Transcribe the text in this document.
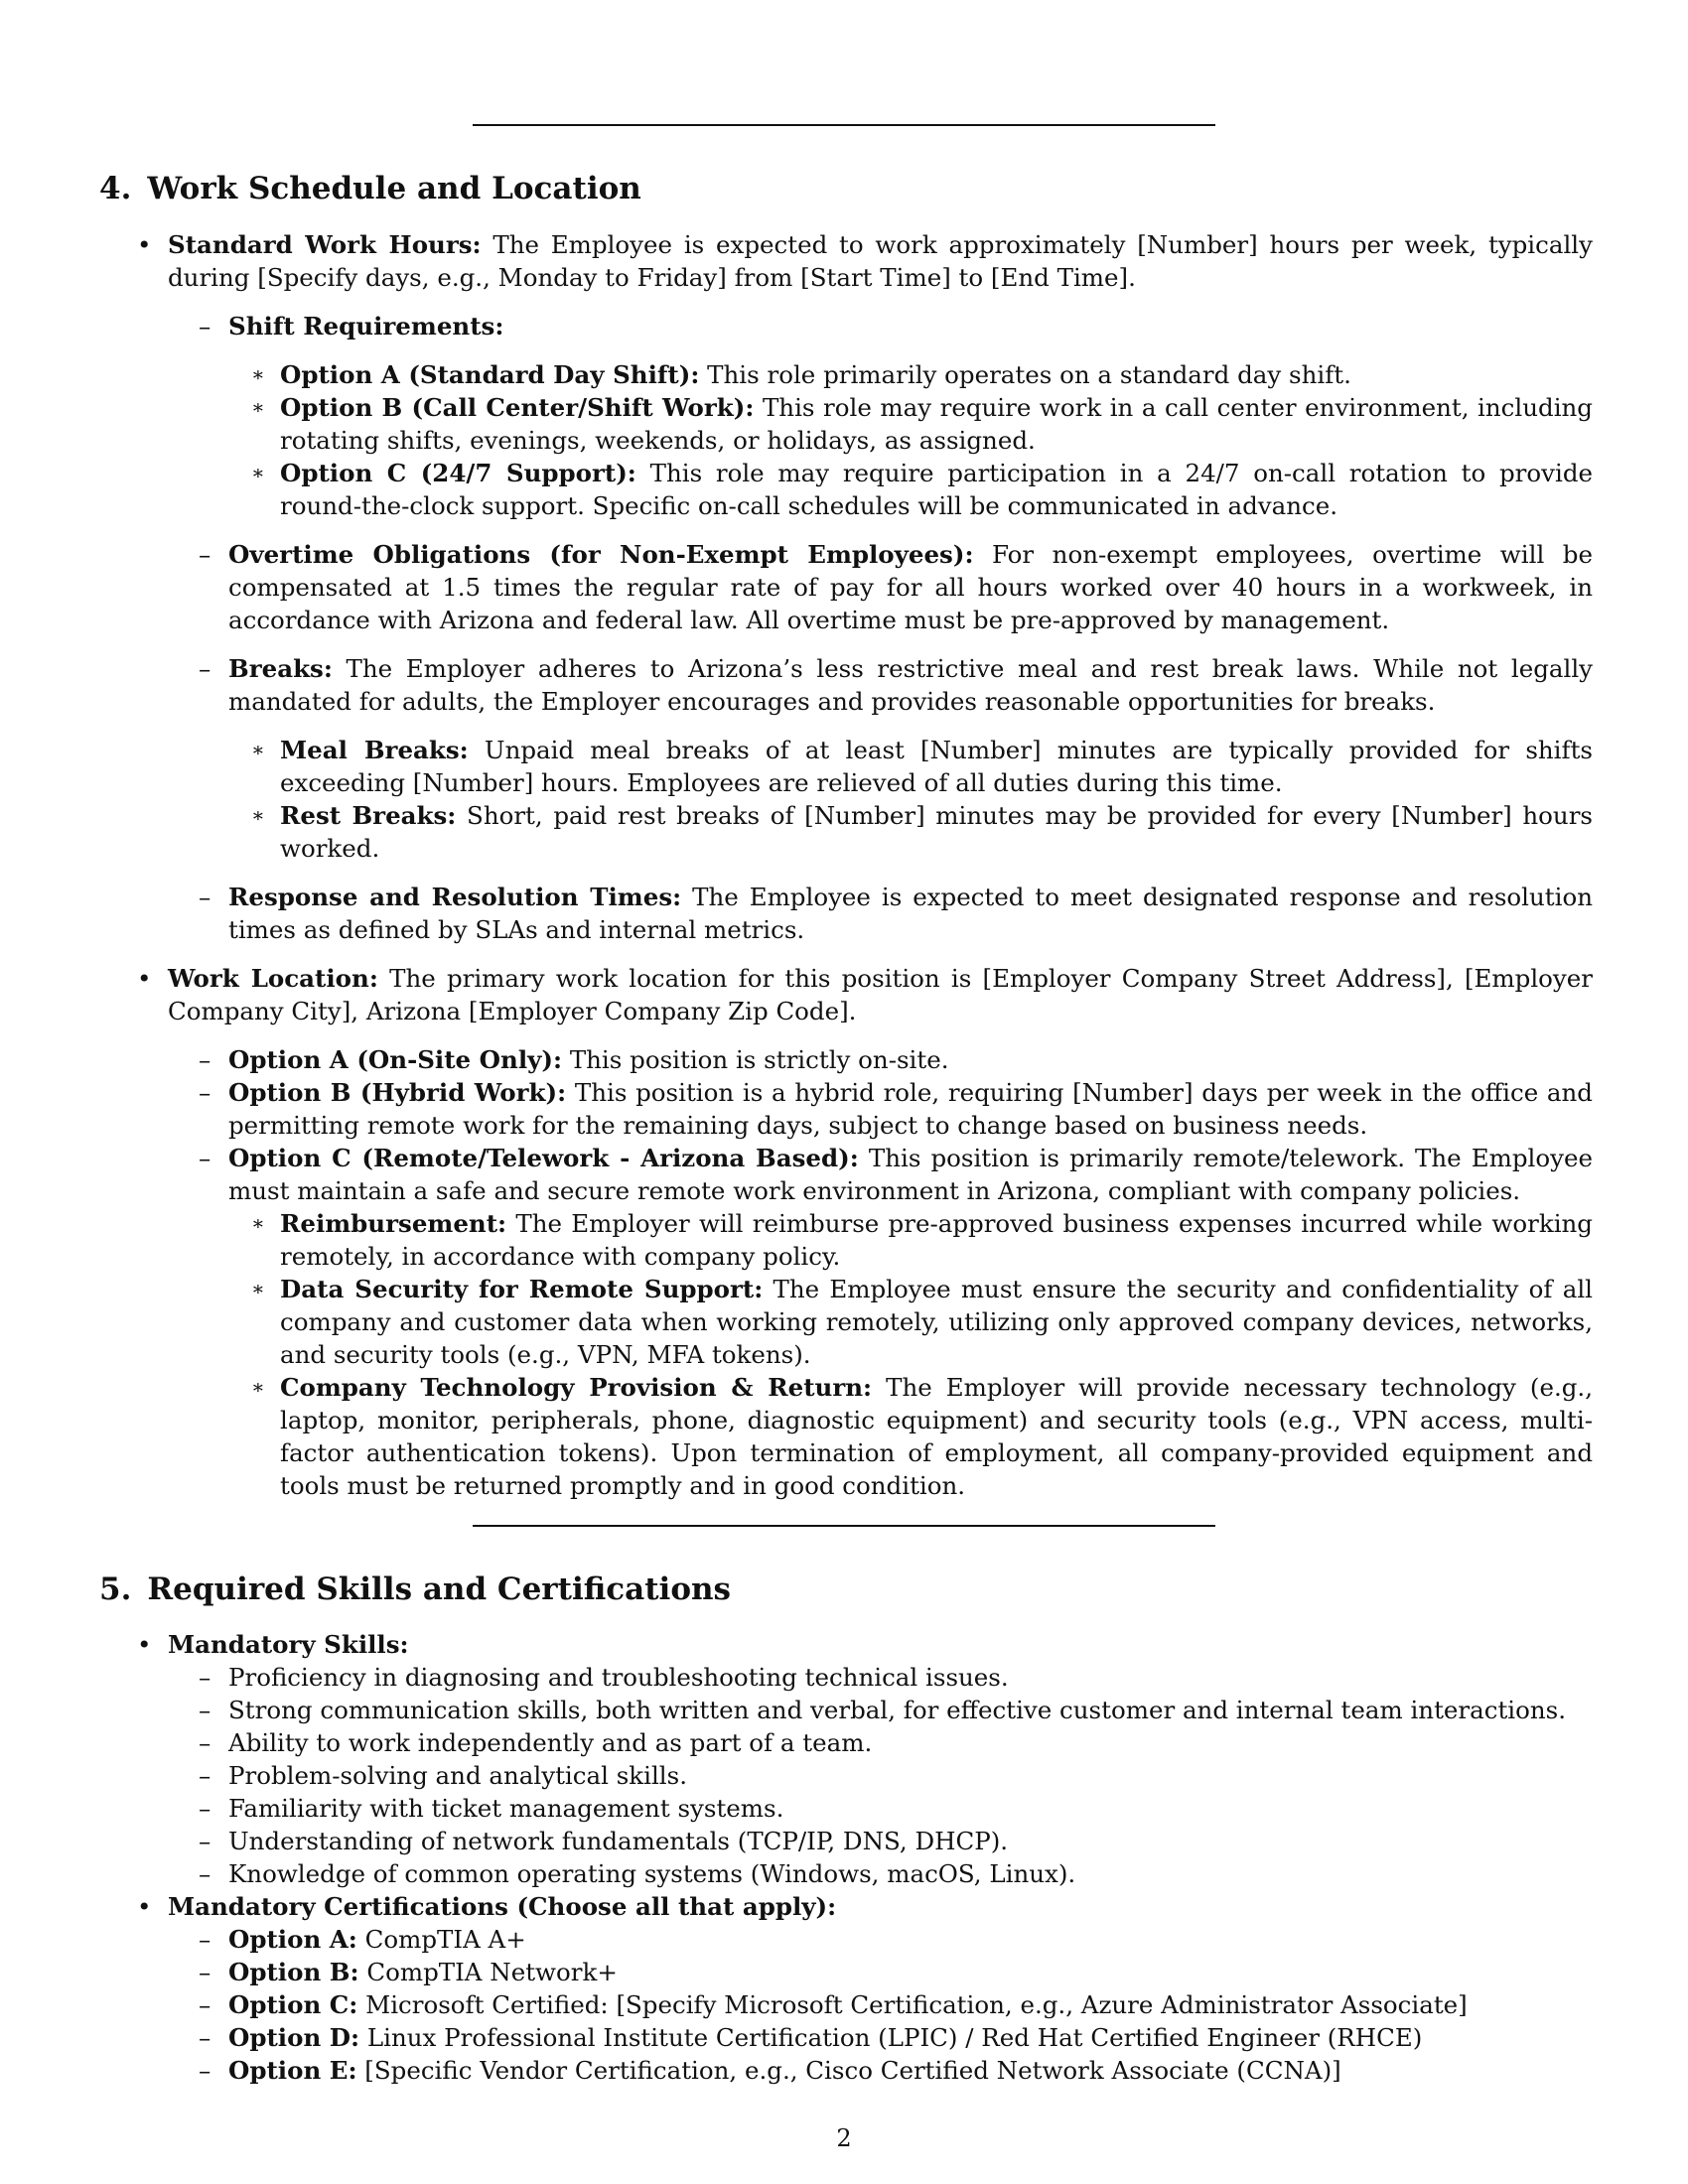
4. Work Schedule and Location
• Standard Work Hours: The Employee is expected to work approximately [Number] hours per week, typically during [Specify days, e.g., Monday to Friday] from [Start Time] to [End Time].
– Shift Requirements:
∗ Option A (Standard Day Shift): This role primarily operates on a standard day shift.
∗ Option B (Call Center/Shift Work): This role may require work in a call center environment, including rotating shifts, evenings, weekends, or holidays, as assigned.
∗ Option C (24/7 Support): This role may require participation in a 24/7 on-call rotation to provide round-the-clock support. Specific on-call schedules will be communicated in advance.
– Overtime Obligations (for Non-Exempt Employees): For non-exempt employees, overtime will be compensated at 1.5 times the regular rate of pay for all hours worked over 40 hours in a workweek, in accordance with Arizona and federal law. All overtime must be pre-approved by management.
– Breaks: The Employer adheres to Arizona’s less restrictive meal and rest break laws. While not legally mandated for adults, the Employer encourages and provides reasonable opportunities for breaks.
∗ Meal Breaks: Unpaid meal breaks of at least [Number] minutes are typically provided for shifts exceeding [Number] hours. Employees are relieved of all duties during this time.
∗ Rest Breaks: Short, paid rest breaks of [Number] minutes may be provided for every [Number] hours worked.
– Response and Resolution Times: The Employee is expected to meet designated response and resolution times as defined by SLAs and internal metrics.
• Work Location: The primary work location for this position is [Employer Company Street Address], [Employer Company City], Arizona [Employer Company Zip Code].
– Option A (On-Site Only): This position is strictly on-site.
– Option B (Hybrid Work): This position is a hybrid role, requiring [Number] days per week in the office and permitting remote work for the remaining days, subject to change based on business needs.
– Option C (Remote/Telework - Arizona Based): This position is primarily remote/telework. The Employee must maintain a safe and secure remote work environment in Arizona, compliant with company policies.
∗ Reimbursement: The Employer will reimburse pre-approved business expenses incurred while working remotely, in accordance with company policy.
∗ Data Security for Remote Support: The Employee must ensure the security and confidentiality of all company and customer data when working remotely, utilizing only approved company devices, networks, and security tools (e.g., VPN, MFA tokens).
∗ Company Technology Provision & Return: The Employer will provide necessary technology (e.g., laptop, monitor, peripherals, phone, diagnostic equipment) and security tools (e.g., VPN access, multi-factor authentication tokens). Upon termination of employment, all company-provided equipment and tools must be returned promptly and in good condition.
5. Required Skills and Certifications
• Mandatory Skills:
– Proficiency in diagnosing and troubleshooting technical issues.
– Strong communication skills, both written and verbal, for effective customer and internal team interactions.
– Ability to work independently and as part of a team.
– Problem-solving and analytical skills.
– Familiarity with ticket management systems.
– Understanding of network fundamentals (TCP/IP, DNS, DHCP).
– Knowledge of common operating systems (Windows, macOS, Linux).
• Mandatory Certifications (Choose all that apply):
– Option A: CompTIA A+
– Option B: CompTIA Network+
– Option C: Microsoft Certified: [Specify Microsoft Certification, e.g., Azure Administrator Associate]
– Option D: Linux Professional Institute Certification (LPIC) / Red Hat Certified Engineer (RHCE)
– Option E: [Specific Vendor Certification, e.g., Cisco Certified Network Associate (CCNA)]
2
